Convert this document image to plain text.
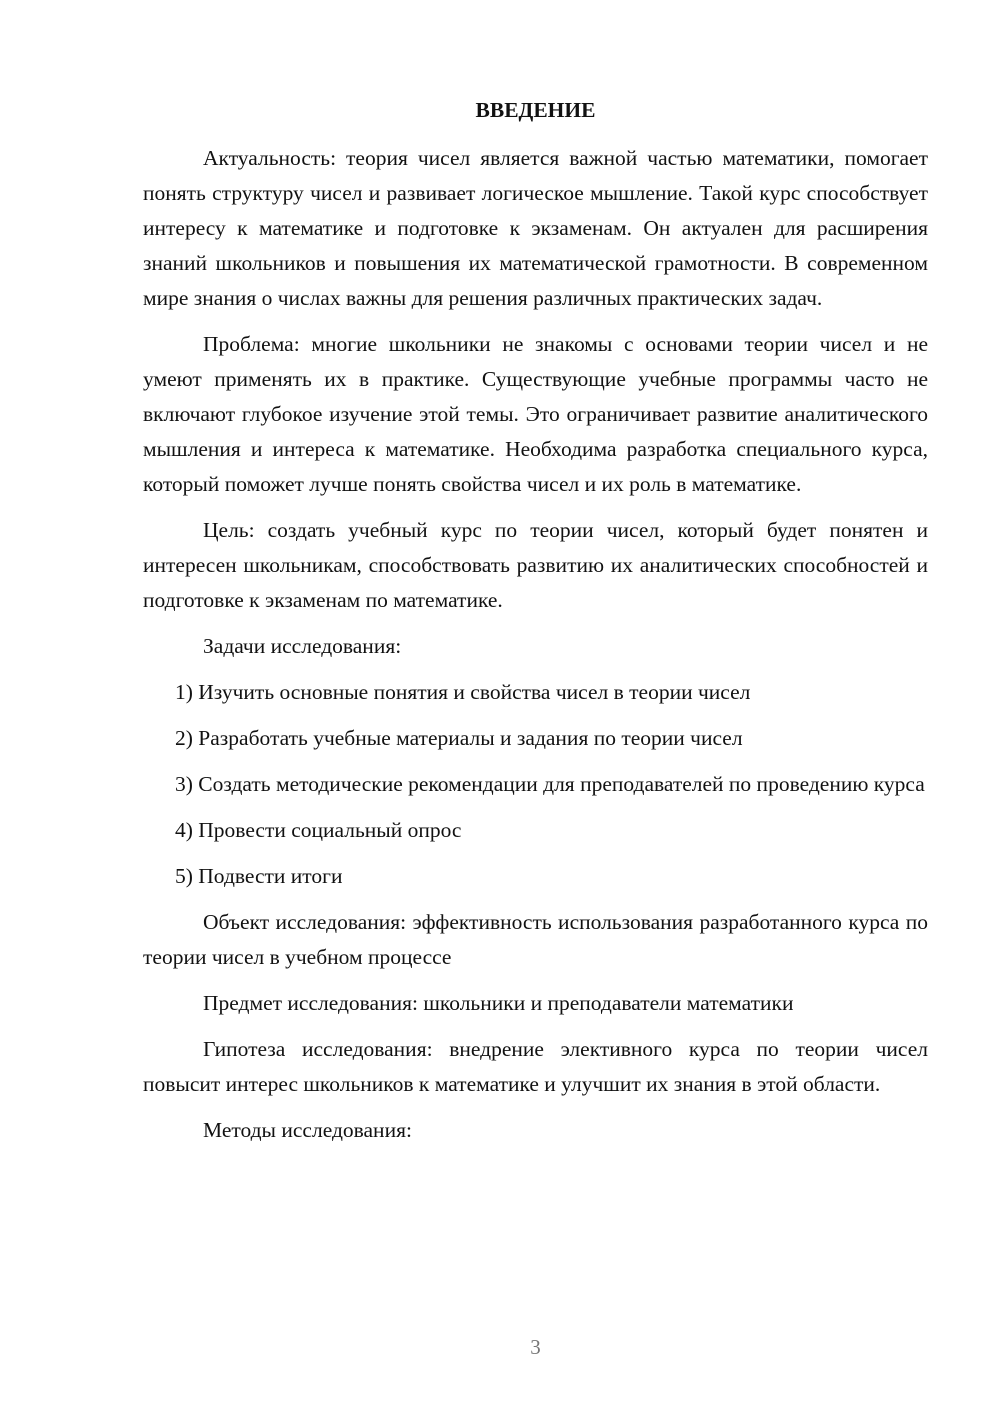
ВВЕДЕНИЕ

Актуальность: теория чисел является важной частью математики, помогает понять структуру чисел и развивает логическое мышление. Такой курс способствует интересу к математике и подготовке к экзаменам. Он актуален для расширения знаний школьников и повышения их математической грамотности. В современном мире знания о числах важны для решения различных практических задач.

Проблема: многие школьники не знакомы с основами теории чисел и не умеют применять их в практике. Существующие учебные программы часто не включают глубокое изучение этой темы. Это ограничивает развитие аналитического мышления и интереса к математике. Необходима разработка специального курса, который поможет лучше понять свойства чисел и их роль в математике.

Цель: создать учебный курс по теории чисел, который будет понятен и интересен школьникам, способствовать развитию их аналитических способностей и подготовке к экзаменам по математике.

Задачи исследования:

1) Изучить основные понятия и свойства чисел в теории чисел

2) Разработать учебные материалы и задания по теории чисел

3) Создать методические рекомендации для преподавателей по проведению курса

4) Провести социальный опрос

5) Подвести итоги

Объект исследования: эффективность использования разработанного курса по теории чисел в учебном процессе

Предмет исследования: школьники и преподаватели математики

Гипотеза исследования: внедрение элективного курса по теории чисел повысит интерес школьников к математике и улучшит их знания в этой области.

Методы исследования:

3
